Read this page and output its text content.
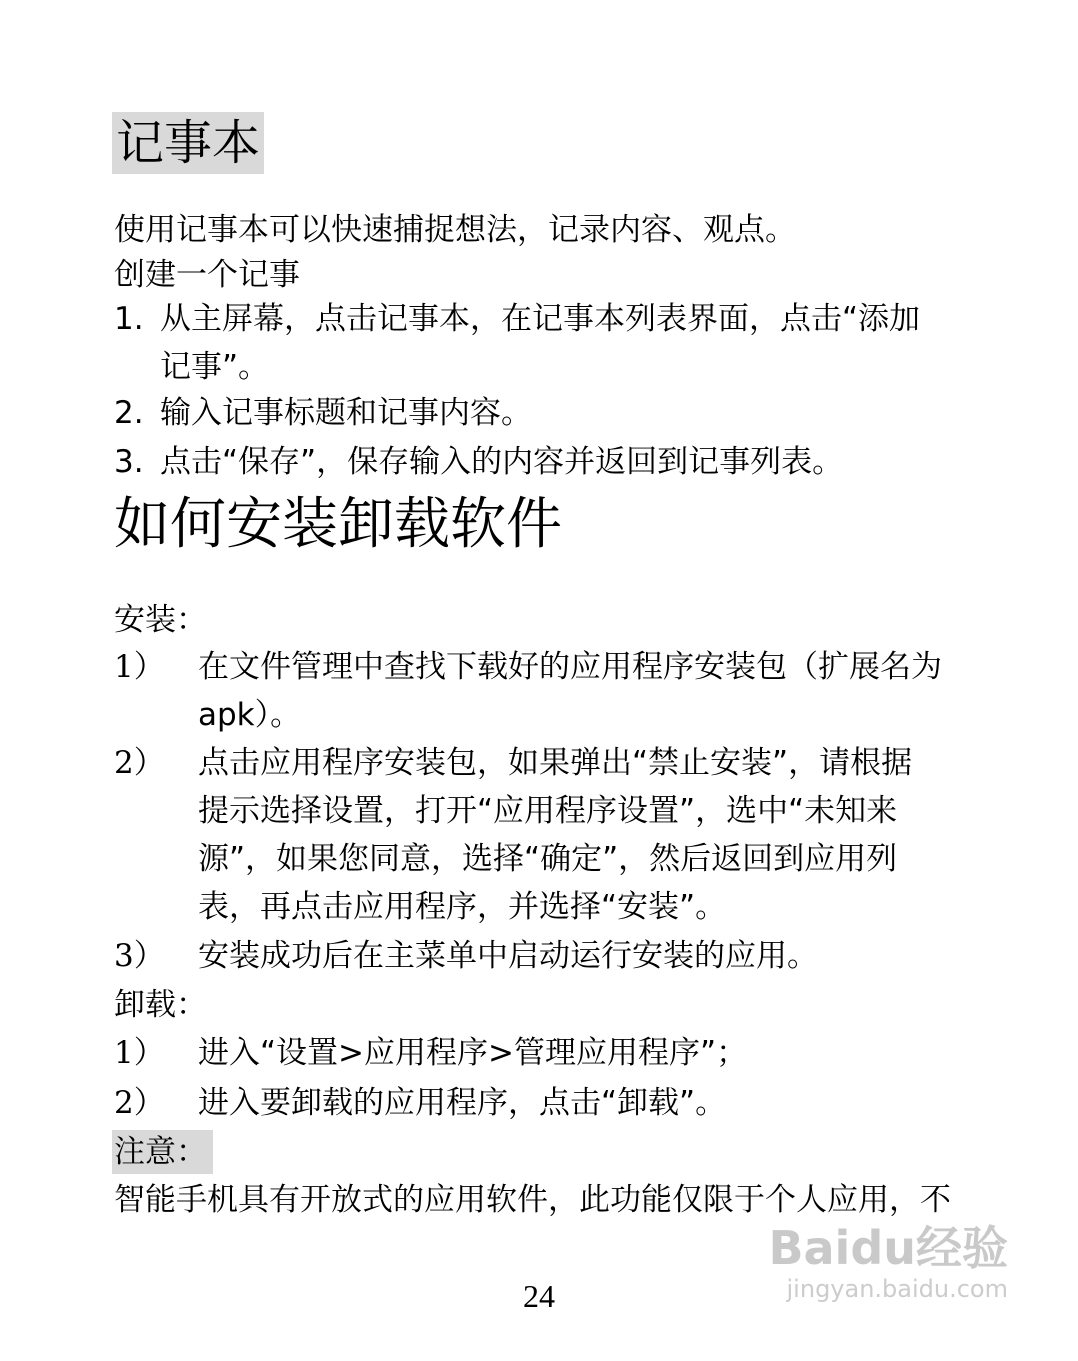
记事本
使用记事本可以快速捕捉想法，记录内容、观点。
创建一个记事
1. 从主屏幕，点击记事本，在记事本列表界面，点击“添加
记事”。
2. 输入记事标题和记事内容。
3. 点击“保存”，保存输入的内容并返回到记事列表。
如何安装卸载软件
安装：
1） 在文件管理中查找下载好的应用程序安装包（扩展名为
apk）。
2） 点击应用程序安装包，如果弹出“禁止安装”，请根据
提示选择设置，打开“应用程序设置”，选中“未知来
源”，如果您同意，选择“确定”，然后返回到应用列
表，再点击应用程序，并选择“安装”。
3） 安装成功后在主菜单中启动运行安装的应用。
卸载：
1） 进入“设置>应用程序>管理应用程序”；
2） 进入要卸载的应用程序，点击“卸载”。
注意：
智能手机具有开放式的应用软件，此功能仅限于个人应用，不
Baidu经验
jingyan.baidu.com
24
